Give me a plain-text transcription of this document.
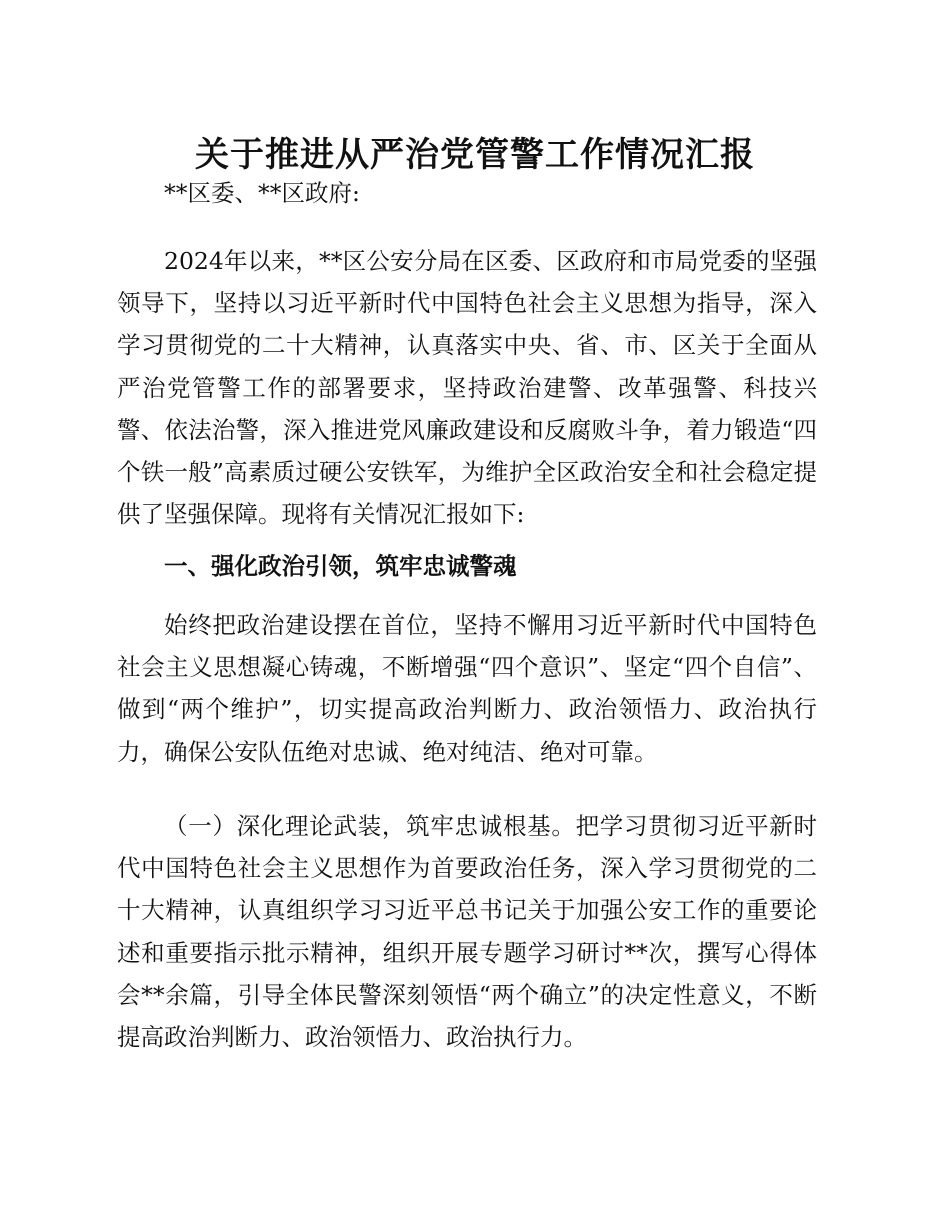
关于推进从严治党管警工作情况汇报

**区委、**区政府:

2024年以来，**区公安分局在区委、区政府和市局党委的坚强领导下，坚持以习近平新时代中国特色社会主义思想为指导，深入学习贯彻党的二十大精神，认真落实中央、省、市、区关于全面从严治党管警工作的部署要求，坚持政治建警、改革强警、科技兴警、依法治警，深入推进党风廉政建设和反腐败斗争，着力锻造“四个铁一般”高素质过硬公安铁军，为维护全区政治安全和社会稳定提供了坚强保障。现将有关情况汇报如下:

一、强化政治引领，筑牢忠诚警魂

始终把政治建设摆在首位，坚持不懈用习近平新时代中国特色社会主义思想凝心铸魂，不断增强“四个意识”、坚定“四个自信”、做到“两个维护”，切实提高政治判断力、政治领悟力、政治执行力，确保公安队伍绝对忠诚、绝对纯洁、绝对可靠。

（一）深化理论武装，筑牢忠诚根基。把学习贯彻习近平新时代中国特色社会主义思想作为首要政治任务，深入学习贯彻党的二十大精神，认真组织学习习近平总书记关于加强公安工作的重要论述和重要指示批示精神，组织开展专题学习研讨**次，撰写心得体会**余篇，引导全体民警深刻领悟“两个确立”的决定性意义，不断提高政治判断力、政治领悟力、政治执行力。
